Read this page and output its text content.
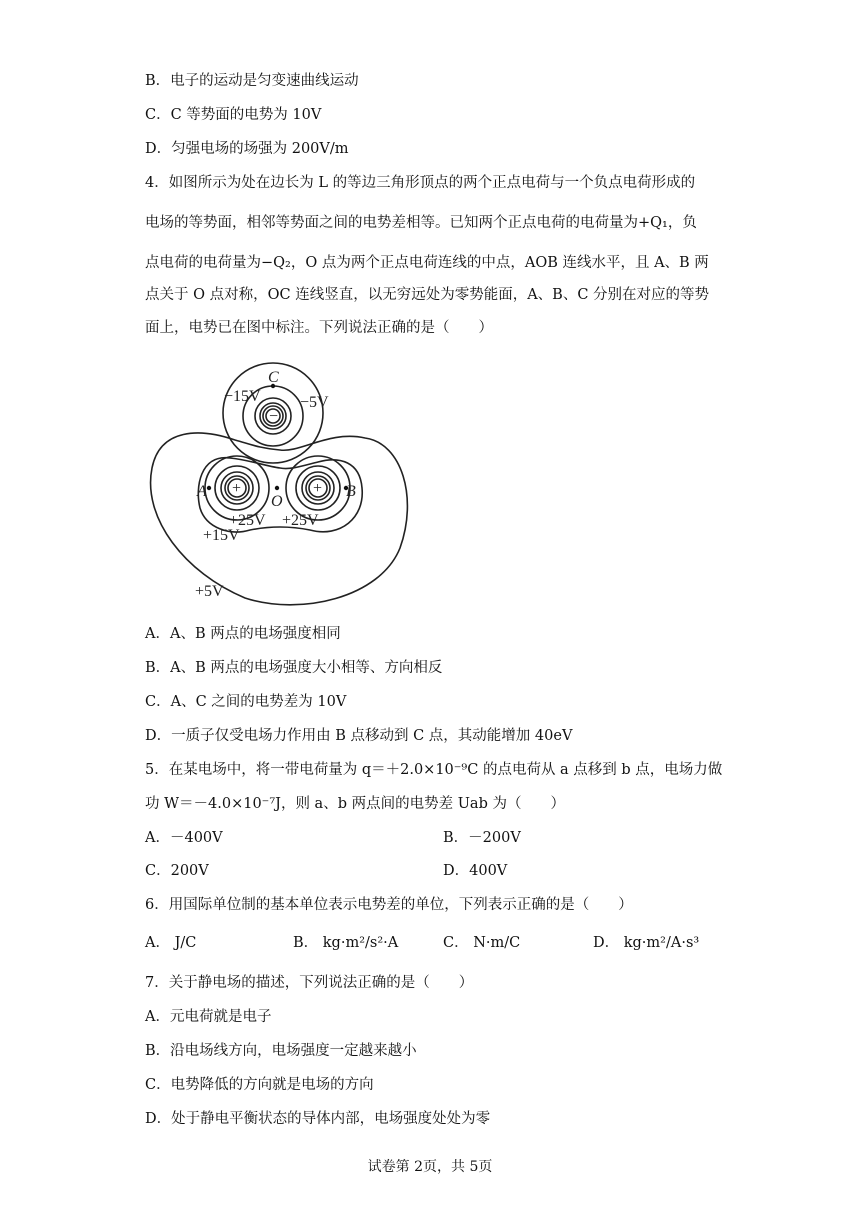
B．电子的运动是匀变速曲线运动
C．C 等势面的电势为 10V
D．匀强电场的场强为 200V/m
4．如图所示为处在边长为 L 的等边三角形顶点的两个正点电荷与一个负点电荷形成的
电场的等势面，相邻等势面之间的电势差相等。已知两个正点电荷的电荷量为+Q₁，负
点电荷的电荷量为−Q₂，O 点为两个正点电荷连线的中点，AOB 连线水平，且 A、B 两
点关于 O 点对称，OC 连线竖直，以无穷远处为零势能面，A、B、C 分别在对应的等势
面上，电势已在图中标注。下列说法正确的是（　　）
C
−15V −5V
−
A	B
O
+	+
+25V +25V
+15V
+5V
A．A、B 两点的电场强度相同
B．A、B 两点的电场强度大小相等、方向相反
C．A、C 之间的电势差为 10V
D．一质子仅受电场力作用由 B 点移动到 C 点，其动能增加 40eV
5．在某电场中，将一带电荷量为 q＝＋2.0×10⁻⁹C 的点电荷从 a 点移到 b 点，电场力做
功 W＝－4.0×10⁻⁷J，则 a、b 两点间的电势差 Uab 为（　　）
A．－400V	B．－200V
C．200V	D．400V
6．用国际单位制的基本单位表示电势差的单位，下列表示正确的是（　　）
A． J/C	B． kg·m²/s²·A	C． N·m/C	D． kg·m²/A·s³
7．关于静电场的描述，下列说法正确的是（　　）
A．元电荷就是电子
B．沿电场线方向，电场强度一定越来越小
C．电势降低的方向就是电场的方向
D．处于静电平衡状态的导体内部，电场强度处处为零
试卷第 2页，共 5页
